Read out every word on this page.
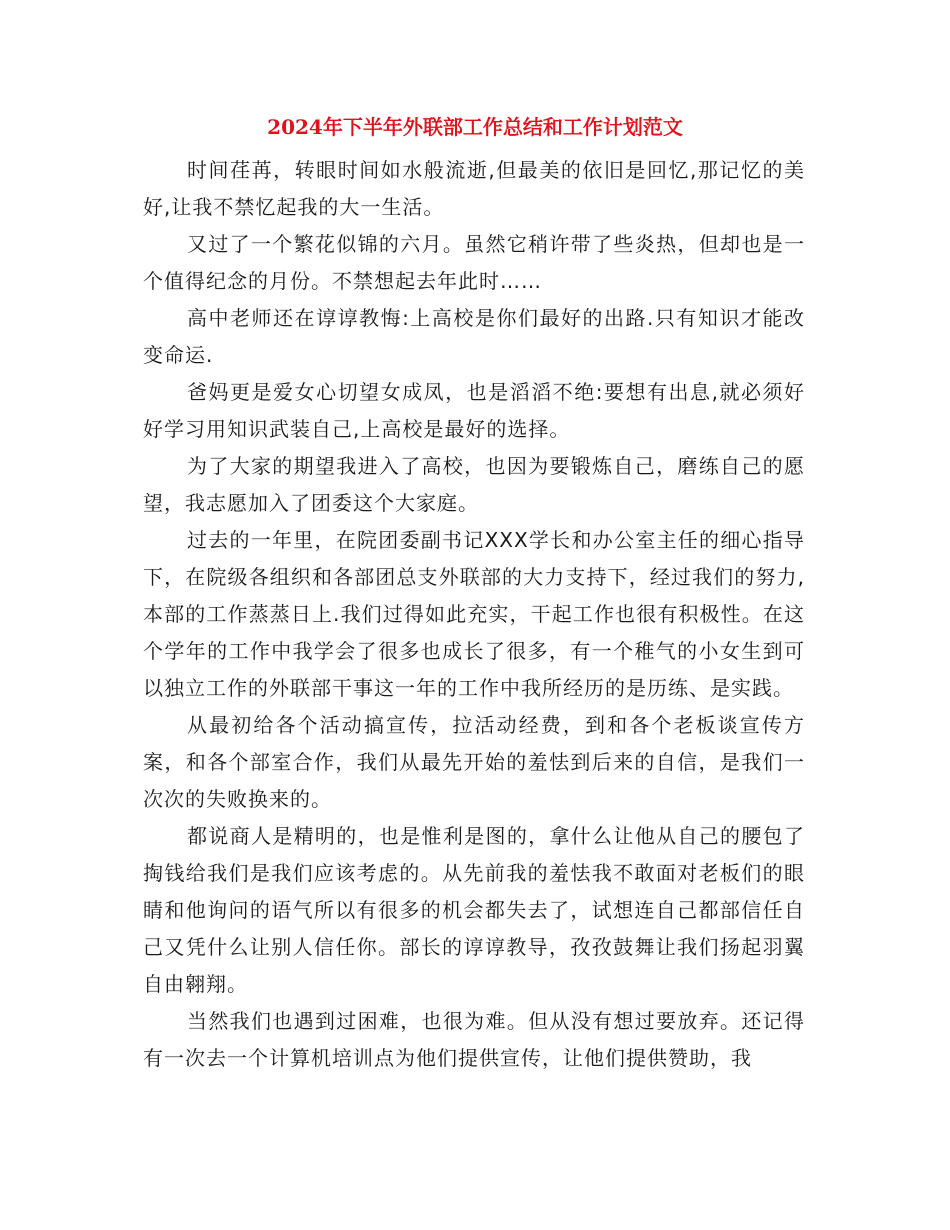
2024年下半年外联部工作总结和工作计划范文

时间荏苒，转眼时间如水般流逝,但最美的依旧是回忆,那记忆的美好,让我不禁忆起我的大一生活。

又过了一个繁花似锦的六月。虽然它稍许带了些炎热，但却也是一个值得纪念的月份。不禁想起去年此时……

高中老师还在谆谆教悔:上高校是你们最好的出路.只有知识才能改变命运.

爸妈更是爱女心切望女成凤，也是滔滔不绝:要想有出息,就必须好好学习用知识武装自己,上高校是最好的选择。

为了大家的期望我进入了高校，也因为要锻炼自己，磨练自己的愿望，我志愿加入了团委这个大家庭。

过去的一年里，在院团委副书记XXX学长和办公室主任的细心指导下，在院级各组织和各部团总支外联部的大力支持下，经过我们的努力,本部的工作蒸蒸日上.我们过得如此充实，干起工作也很有积极性。在这个学年的工作中我学会了很多也成长了很多，有一个稚气的小女生到可以独立工作的外联部干事这一年的工作中我所经历的是历练、是实践。

从最初给各个活动搞宣传，拉活动经费，到和各个老板谈宣传方案，和各个部室合作，我们从最先开始的羞怯到后来的自信，是我们一次次的失败换来的。

都说商人是精明的，也是惟利是图的，拿什么让他从自己的腰包了掏钱给我们是我们应该考虑的。从先前我的羞怯我不敢面对老板们的眼睛和他询问的语气所以有很多的机会都失去了，试想连自己都部信任自己又凭什么让别人信任你。部长的谆谆教导，孜孜鼓舞让我们扬起羽翼自由翱翔。

当然我们也遇到过困难，也很为难。但从没有想过要放弃。还记得有一次去一个计算机培训点为他们提供宣传，让他们提供赞助，我
